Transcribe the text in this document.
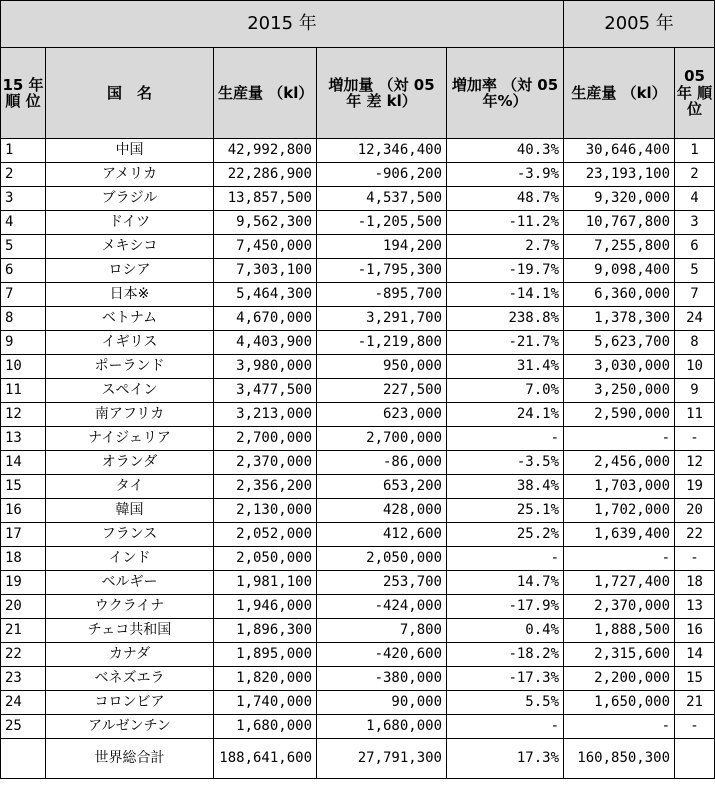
2015 年					2005 年	
15 年 順 位	国　名	生産量 （kl）	増加量 （対 05 年 差 kl）	増加率 （対 05 年%）	生産量 （kl）	05 年 順 位
1	中国	42,992,800	12,346,400	40.3%	30,646,400	1
2	アメリカ	22,286,900	-906,200	-3.9%	23,193,100	2
3	ブラジル	13,857,500	4,537,500	48.7%	9,320,000	4
4	ドイツ	9,562,300	-1,205,500	-11.2%	10,767,800	3
5	メキシコ	7,450,000	194,200	2.7%	7,255,800	6
6	ロシア	7,303,100	-1,795,300	-19.7%	9,098,400	5
7	日本※	5,464,300	-895,700	-14.1%	6,360,000	7
8	ベトナム	4,670,000	3,291,700	238.8%	1,378,300	24
9	イギリス	4,403,900	-1,219,800	-21.7%	5,623,700	8
10	ポーランド	3,980,000	950,000	31.4%	3,030,000	10
11	スペイン	3,477,500	227,500	7.0%	3,250,000	9
12	南アフリカ	3,213,000	623,000	24.1%	2,590,000	11
13	ナイジェリア	2,700,000	2,700,000	-	-	-
14	オランダ	2,370,000	-86,000	-3.5%	2,456,000	12
15	タイ	2,356,200	653,200	38.4%	1,703,000	19
16	韓国	2,130,000	428,000	25.1%	1,702,000	20
17	フランス	2,052,000	412,600	25.2%	1,639,400	22
18	インド	2,050,000	2,050,000	-	-	-
19	ベルギー	1,981,100	253,700	14.7%	1,727,400	18
20	ウクライナ	1,946,000	-424,000	-17.9%	2,370,000	13
21	チェコ共和国	1,896,300	7,800	0.4%	1,888,500	16
22	カナダ	1,895,000	-420,600	-18.2%	2,315,600	14
23	ベネズエラ	1,820,000	-380,000	-17.3%	2,200,000	15
24	コロンビア	1,740,000	90,000	5.5%	1,650,000	21
25	アルゼンチン	1,680,000	1,680,000	-	-	-
	世界総合計	188,641,600	27,791,300	17.3%	160,850,300	
